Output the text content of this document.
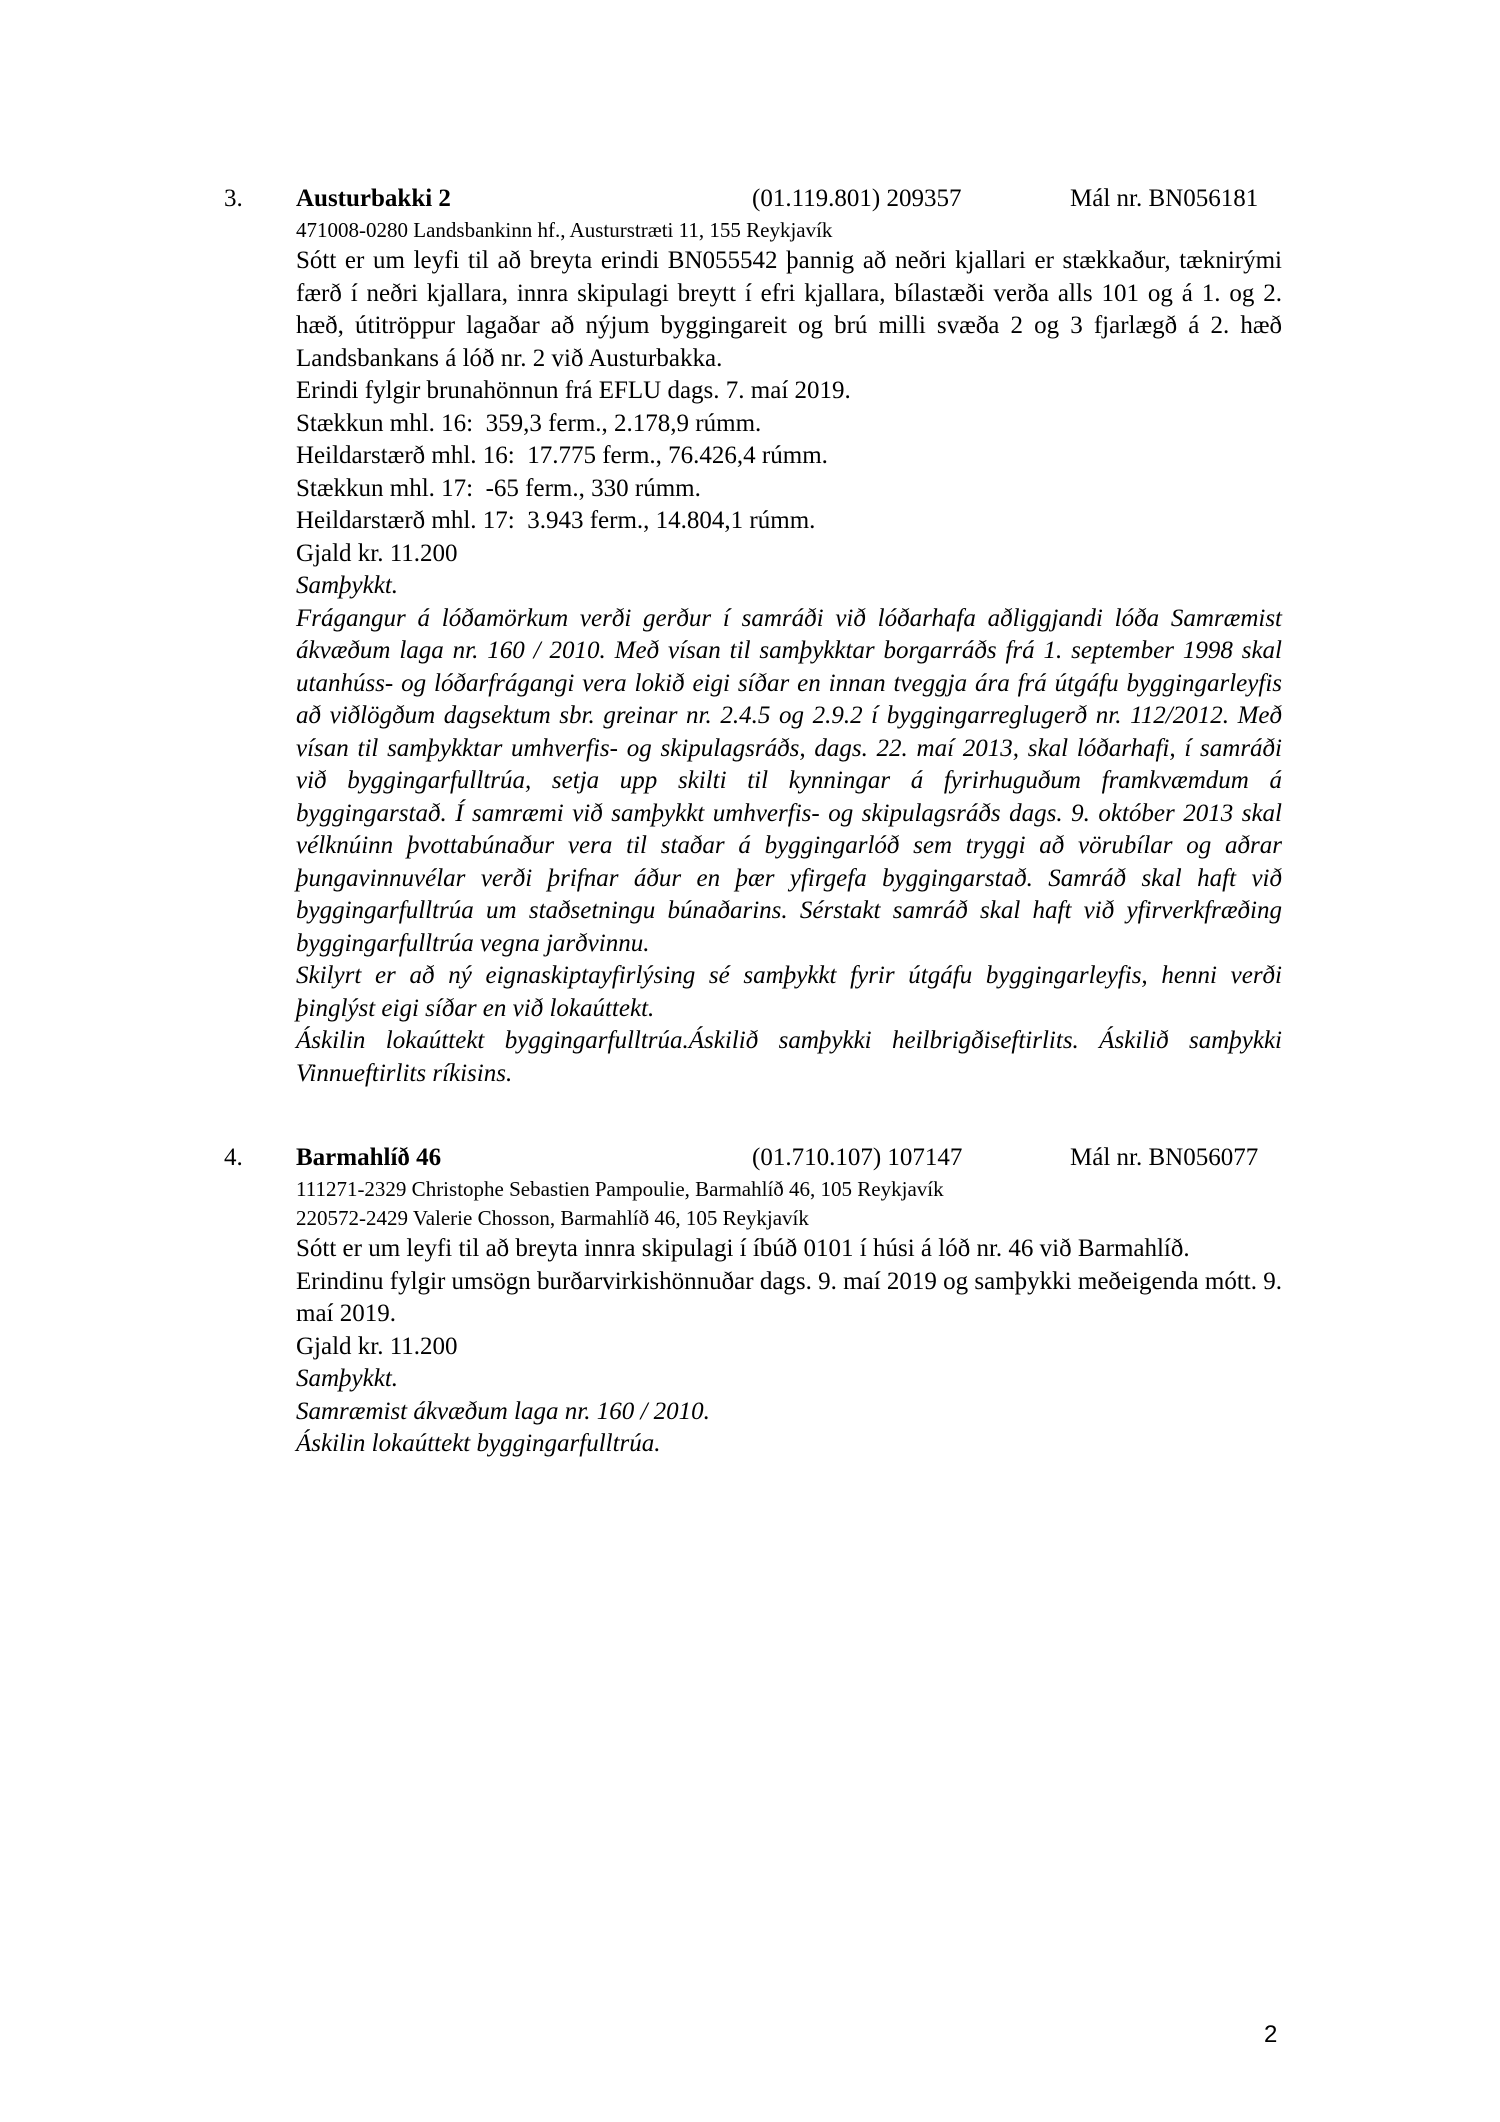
3. Austurbakki 2	(01.119.801) 209357	Mál nr. BN056181
471008-0280 Landsbankinn hf., Austurstræti 11, 155 Reykjavík

Sótt er um leyfi til að breyta erindi BN055542 þannig að neðri kjallari er stækkaður, tæknirými færð í neðri kjallara, innra skipulagi breytt í efri kjallara, bílastæði verða alls 101 og á 1. og 2. hæð, útitröppur lagaðar að nýjum byggingareit og brú milli svæða 2 og 3 fjarlægð á 2. hæð Landsbankans á lóð nr. 2 við Austurbakka.

Erindi fylgir brunahönnun frá EFLU dags. 7. maí 2019.

Stækkun mhl. 16:  359,3 ferm., 2.178,9 rúmm.

Heildarstærð mhl. 16:  17.775 ferm., 76.426,4 rúmm.

Stækkun mhl. 17:  -65 ferm., 330 rúmm.

Heildarstærð mhl. 17:  3.943 ferm., 14.804,1 rúmm.

Gjald kr. 11.200

Samþykkt.

Frágangur á lóðamörkum verði gerður í samráði við lóðarhafa aðliggjandi lóða Samræmist ákvæðum laga nr. 160 / 2010. Með vísan til samþykktar borgarráðs frá 1. september 1998 skal utanhúss- og lóðarfrágangi vera lokið eigi síðar en innan tveggja ára frá útgáfu byggingarleyfis að viðlögðum dagsektum sbr. greinar nr. 2.4.5 og 2.9.2 í byggingarreglugerð nr. 112/2012. Með vísan til samþykktar umhverfis- og skipulagsráðs, dags. 22. maí 2013, skal lóðarhafi, í samráði við byggingarfulltrúa, setja upp skilti til kynningar á fyrirhuguðum framkvæmdum á byggingarstað. Í samræmi við samþykkt umhverfis- og skipulagsráðs dags. 9. október 2013 skal vélknúinn þvottabúnaður vera til staðar á byggingarlóð sem tryggi að vörubílar og aðrar þungavinnuvélar verði þrifnar áður en þær yfirgefa byggingarstað. Samráð skal haft við byggingarfulltrúa um staðsetningu búnaðarins. Sérstakt samráð skal haft við yfirverkfræðing byggingarfulltrúa vegna jarðvinnu.

Skilyrt er að ný eignaskiptayfirlýsing sé samþykkt fyrir útgáfu byggingarleyfis, henni verði þinglýst eigi síðar en við lokaúttekt.

Áskilin lokaúttekt byggingarfulltrúa.Áskilið samþykki heilbrigðiseftirlits. Áskilið samþykki Vinnueftirlits ríkisins.

4. Barmahlíð 46	(01.710.107) 107147	Mál nr. BN056077
111271-2329 Christophe Sebastien Pampoulie, Barmahlíð 46, 105 Reykjavík
220572-2429 Valerie Chosson, Barmahlíð 46, 105 Reykjavík

Sótt er um leyfi til að breyta innra skipulagi í íbúð 0101 í húsi á lóð nr. 46 við Barmahlíð.

Erindinu fylgir umsögn burðarvirkishönnuðar dags. 9. maí 2019 og samþykki meðeigenda mótt. 9. maí 2019.

Gjald kr. 11.200

Samþykkt.

Samræmist ákvæðum laga nr. 160 / 2010.

Áskilin lokaúttekt byggingarfulltrúa.

2
